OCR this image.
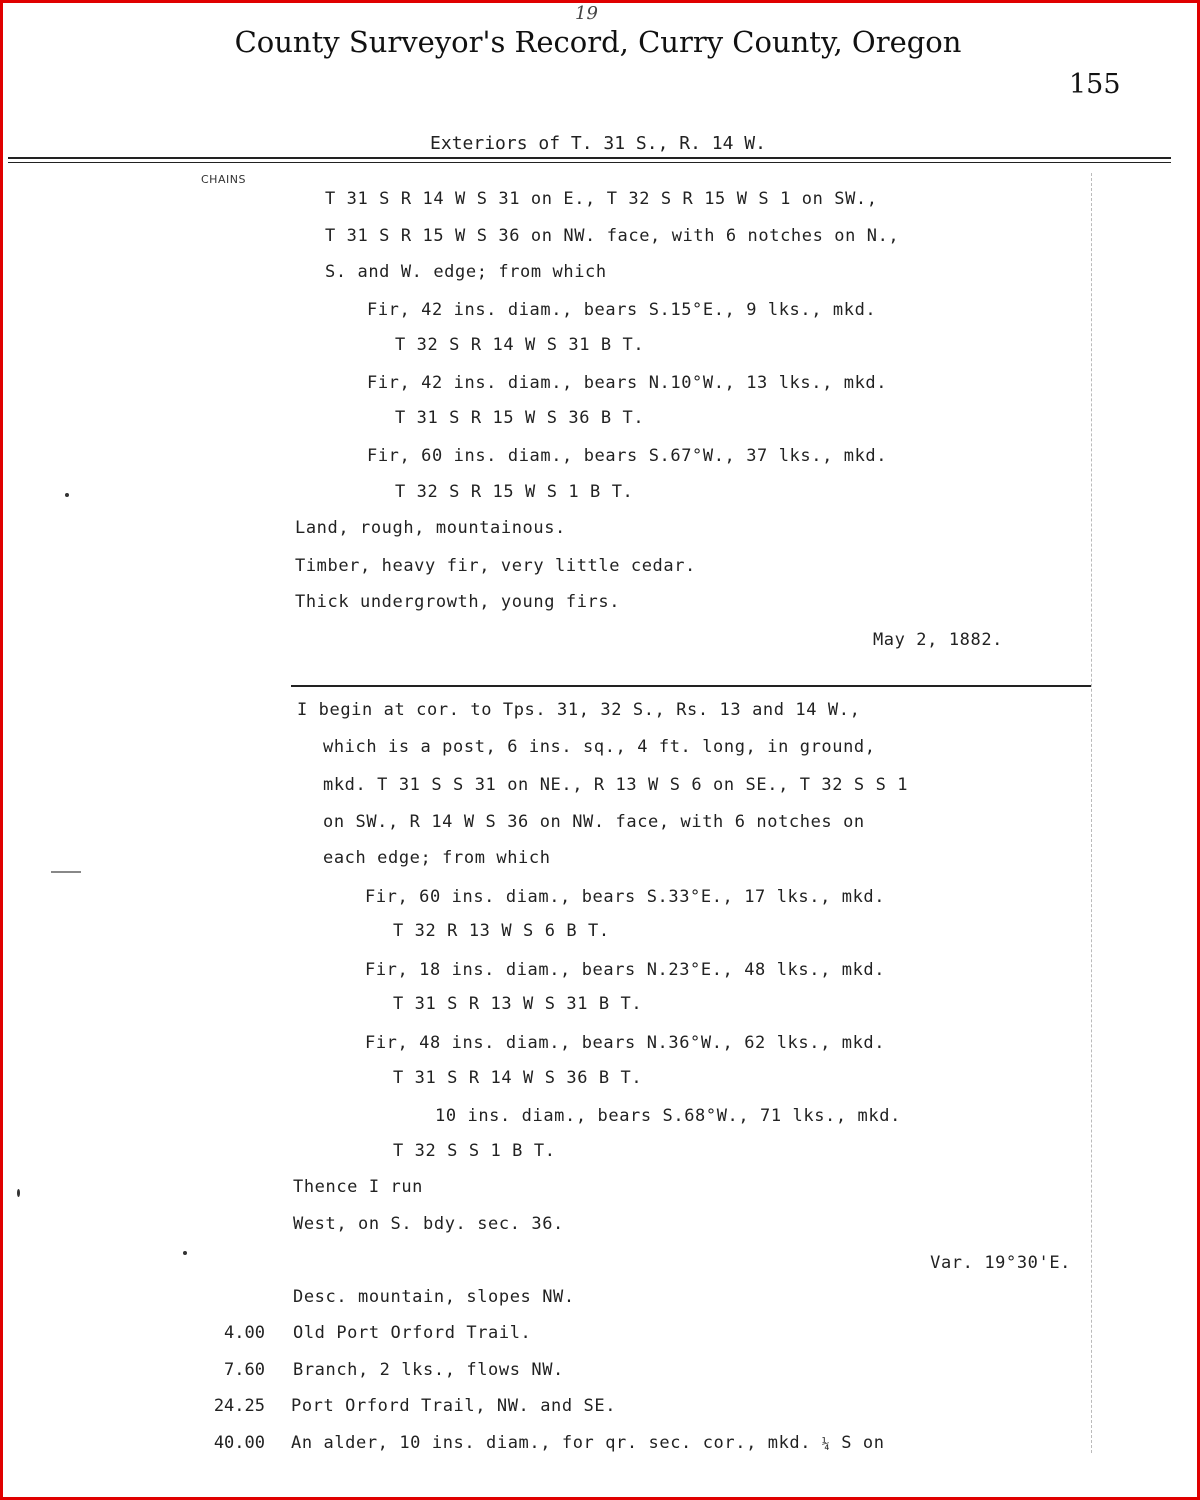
19
County Surveyor's Record, Curry County, Oregon
155
Exteriors of T. 31 S., R. 14 W.
CHAINS
T 31 S R 14 W S 31 on E., T 32 S R 15 W S 1 on SW.,
T 31 S R 15 W S 36 on NW. face, with 6 notches on N.,
S. and W. edge; from which
Fir, 42 ins. diam., bears S.15°E., 9 lks., mkd.
T 32 S R 14 W S 31 B T.
Fir, 42 ins. diam., bears N.10°W., 13 lks., mkd.
T 31 S R 15 W S 36 B T.
Fir, 60 ins. diam., bears S.67°W., 37 lks., mkd.
T 32 S R 15 W S 1 B T.
Land, rough, mountainous.
Timber, heavy fir, very little cedar.
Thick undergrowth, young firs.
May 2, 1882.
I begin at cor. to Tps. 31, 32 S., Rs. 13 and 14 W.,
which is a post, 6 ins. sq., 4 ft. long, in ground,
mkd. T 31 S S 31 on NE., R 13 W S 6 on SE., T 32 S S 1
on SW., R 14 W S 36 on NW. face, with 6 notches on
each edge; from which
Fir, 60 ins. diam., bears S.33°E., 17 lks., mkd.
T 32 R 13 W S 6 B T.
Fir, 18 ins. diam., bears N.23°E., 48 lks., mkd.
T 31 S R 13 W S 31 B T.
Fir, 48 ins. diam., bears N.36°W., 62 lks., mkd.
T 31 S R 14 W S 36 B T.
10 ins. diam., bears S.68°W., 71 lks., mkd.
T 32 S S 1 B T.
Thence I run
West, on S. bdy. sec. 36.
Var. 19°30'E.
Desc. mountain, slopes NW.
4.00 Old Port Orford Trail.
7.60 Branch, 2 lks., flows NW.
24.25 Port Orford Trail, NW. and SE.
40.00 An alder, 10 ins. diam., for qr. sec. cor., mkd. ¼ S on
